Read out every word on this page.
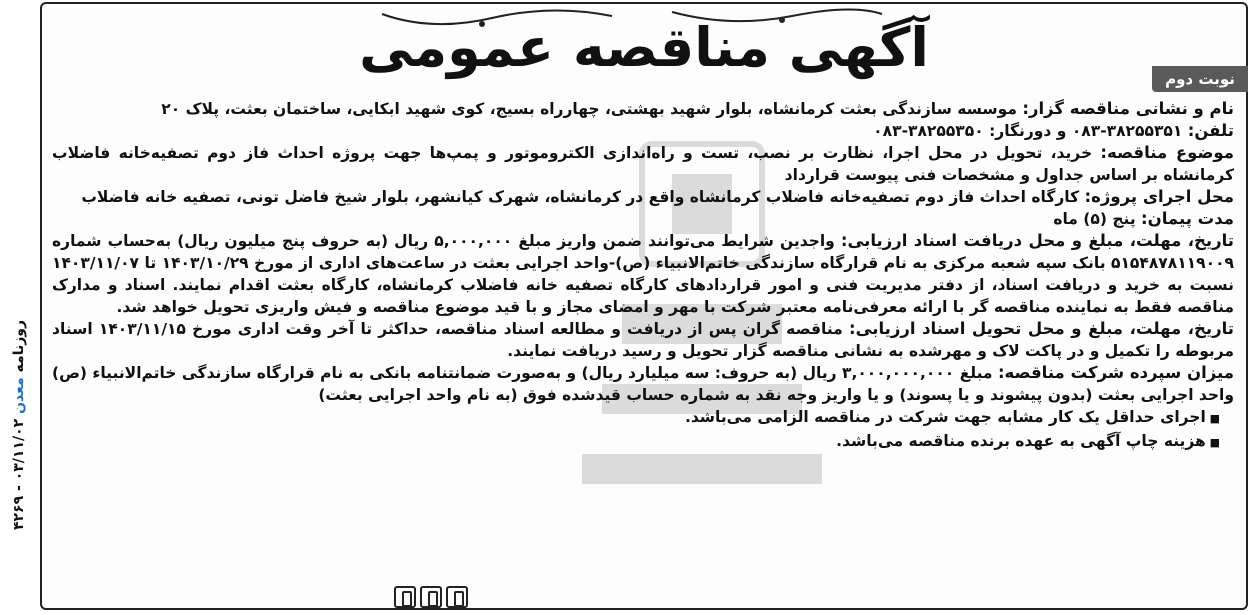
آگهی مناقصه عمومی	نوبت دوم

نام و نشانی مناقصه گزار: موسسه سازندگی بعثت کرمانشاه، بلوار شهید بهشتی، چهارراه بسیج، کوی شهید ابکایی، ساختمان بعثت، پلاک ۲۰

تلفن: ۳۸۲۵۵۳۵۱-۰۸۳ و دورنگار: ۳۸۲۵۵۳۵۰-۰۸۳

موضوع مناقصه: خرید، تحویل در محل اجرا، نظارت بر نصب، تست و راه‌اندازی الکتروموتور و پمپ‌ها جهت پروژه احداث فاز دوم تصفیه‌خانه فاضلاب کرمانشاه بر اساس جداول و مشخصات فنی پیوست قرارداد

محل اجرای پروژه: کارگاه احداث فاز دوم تصفیه‌خانه فاضلاب کرمانشاه واقع در کرمانشاه، شهرک کیانشهر، بلوار شیخ فاضل تونی، تصفیه خانه فاضلاب

مدت پیمان: پنج (۵) ماه

تاریخ، مهلت، مبلغ و محل دریافت اسناد ارزیابی: واجدین شرایط می‌توانند ضمن واریز مبلغ ۵,۰۰۰,۰۰۰ ریال (به حروف پنج میلیون ریال) به‌حساب شماره ۵۱۵۴۸۷۸۱۱۹۰۰۹ بانک سپه شعبه مرکزی به نام قرارگاه سازندگی خاتم‌الانبیاء (ص)-واحد اجرایی بعثت در ساعت‌های اداری از مورخ ۱۴۰۳/۱۰/۲۹ تا ۱۴۰۳/۱۱/۰۷ نسبت به خرید و دریافت اسناد، از دفتر مدیریت فنی و امور قراردادهای کارگاه تصفیه خانه فاضلاب کرمانشاه، کارگاه بعثت اقدام نمایند. اسناد و مدارک مناقصه فقط به نماینده مناقصه گر با ارائه معرفی‌نامه معتبر شرکت با مهر و امضای مجاز و با قید موضوع مناقصه و فیش واریزی تحویل خواهد شد.

تاریخ، مهلت، مبلغ و محل تحویل اسناد ارزیابی: مناقصه گران پس از دریافت و مطالعه اسناد مناقصه، حداکثر تا آخر وقت اداری مورخ ۱۴۰۳/۱۱/۱۵ اسناد مربوطه را تکمیل و در پاکت لاک و مهرشده به نشانی مناقصه گزار تحویل و رسید دریافت نمایند.

میزان سپرده شرکت مناقصه: مبلغ ۳,۰۰۰,۰۰۰,۰۰۰ ریال (به حروف: سه میلیارد ریال) و به‌صورت ضمانتنامه بانکی به نام قرارگاه سازندگی خاتم‌الانبیاء (ص) واحد اجرایی بعثت (بدون پیشوند و یا پسوند) و یا واریز وجه نقد به شماره حساب قیدشده فوق (به نام واحد اجرایی بعثت)

■ اجرای حداقل یک کار مشابه جهت شرکت در مناقصه الزامی می‌باشد.

■ هزینه چاپ آگهی به عهده برنده مناقصه می‌باشد.

روزنامه معدن ۰۳/۱۱/۰۲ - ۴۲۶۹
